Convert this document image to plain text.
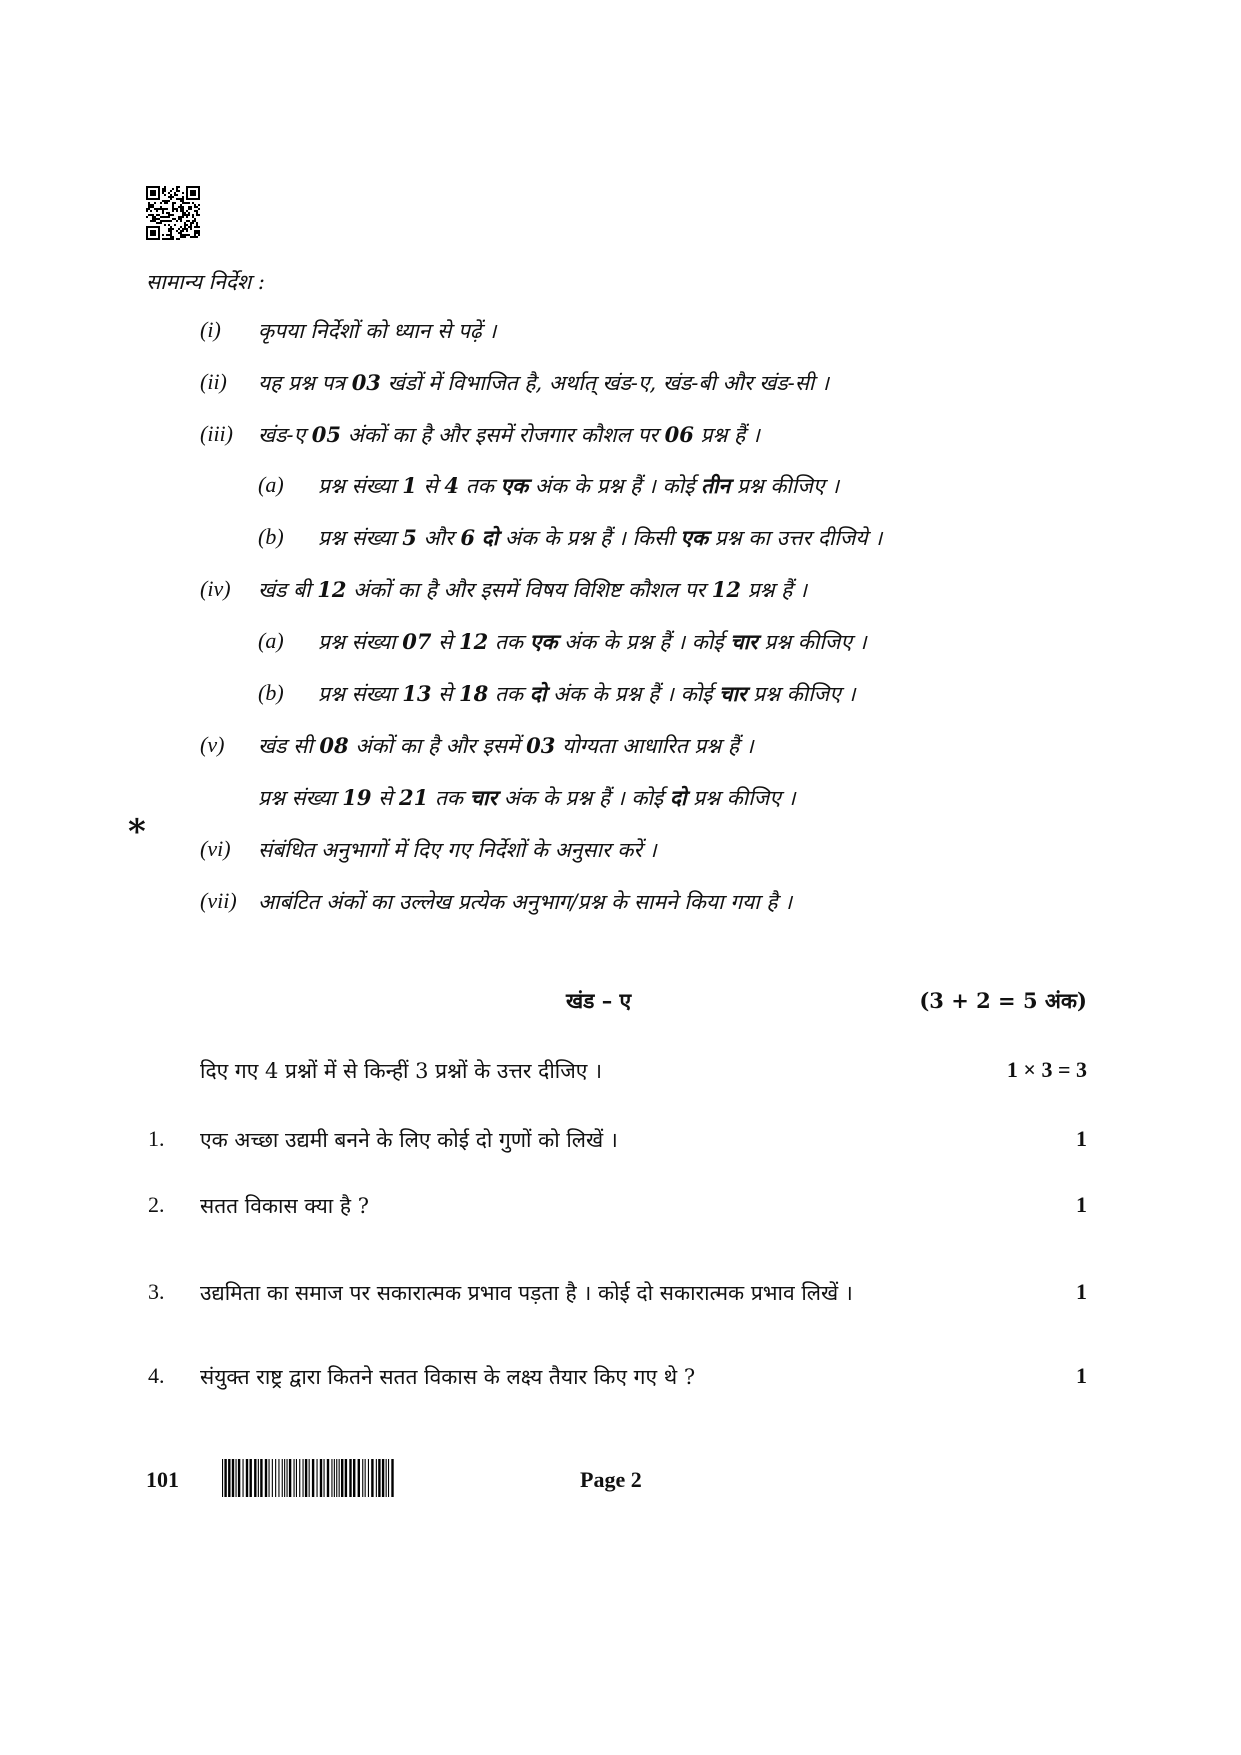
सामान्य निर्देश :
(i) कृपया निर्देशों को ध्यान से पढ़ें ।
(ii) यह प्रश्न पत्र 03 खंडों में विभाजित है, अर्थात् खंड-ए, खंड-बी और खंड-सी ।
(iii) खंड-ए 05 अंकों का है और इसमें रोजगार कौशल पर 06 प्रश्न हैं ।
(a) प्रश्न संख्या 1 से 4 तक एक अंक के प्रश्न हैं । कोई तीन प्रश्न कीजिए ।
(b) प्रश्न संख्या 5 और 6 दो अंक के प्रश्न हैं । किसी एक प्रश्न का उत्तर दीजिये ।
(iv) खंड बी 12 अंकों का है और इसमें विषय विशिष्ट कौशल पर 12 प्रश्न हैं ।
(a) प्रश्न संख्या 07 से 12 तक एक अंक के प्रश्न हैं । कोई चार प्रश्न कीजिए ।
(b) प्रश्न संख्या 13 से 18 तक दो अंक के प्रश्न हैं । कोई चार प्रश्न कीजिए ।
(v) खंड सी 08 अंकों का है और इसमें 03 योग्यता आधारित प्रश्न हैं ।
प्रश्न संख्या 19 से 21 तक चार अंक के प्रश्न हैं । कोई दो प्रश्न कीजिए ।
(vi) संबंधित अनुभागों में दिए गए निर्देशों के अनुसार करें ।
(vii) आबंटित अंकों का उल्लेख प्रत्येक अनुभाग/प्रश्न के सामने किया गया है ।
*
खंड – ए	(3 + 2 = 5 अंक)
दिए गए 4 प्रश्नों में से किन्हीं 3 प्रश्नों के उत्तर दीजिए ।	1 × 3 = 3
1. एक अच्छा उद्यमी बनने के लिए कोई दो गुणों को लिखें ।	1
2. सतत विकास क्या है ?	1
3. उद्यमिता का समाज पर सकारात्मक प्रभाव पड़ता है । कोई दो सकारात्मक प्रभाव लिखें ।	1
4. संयुक्त राष्ट्र द्वारा कितने सतत विकास के लक्ष्य तैयार किए गए थे ?	1
101	Page 2
